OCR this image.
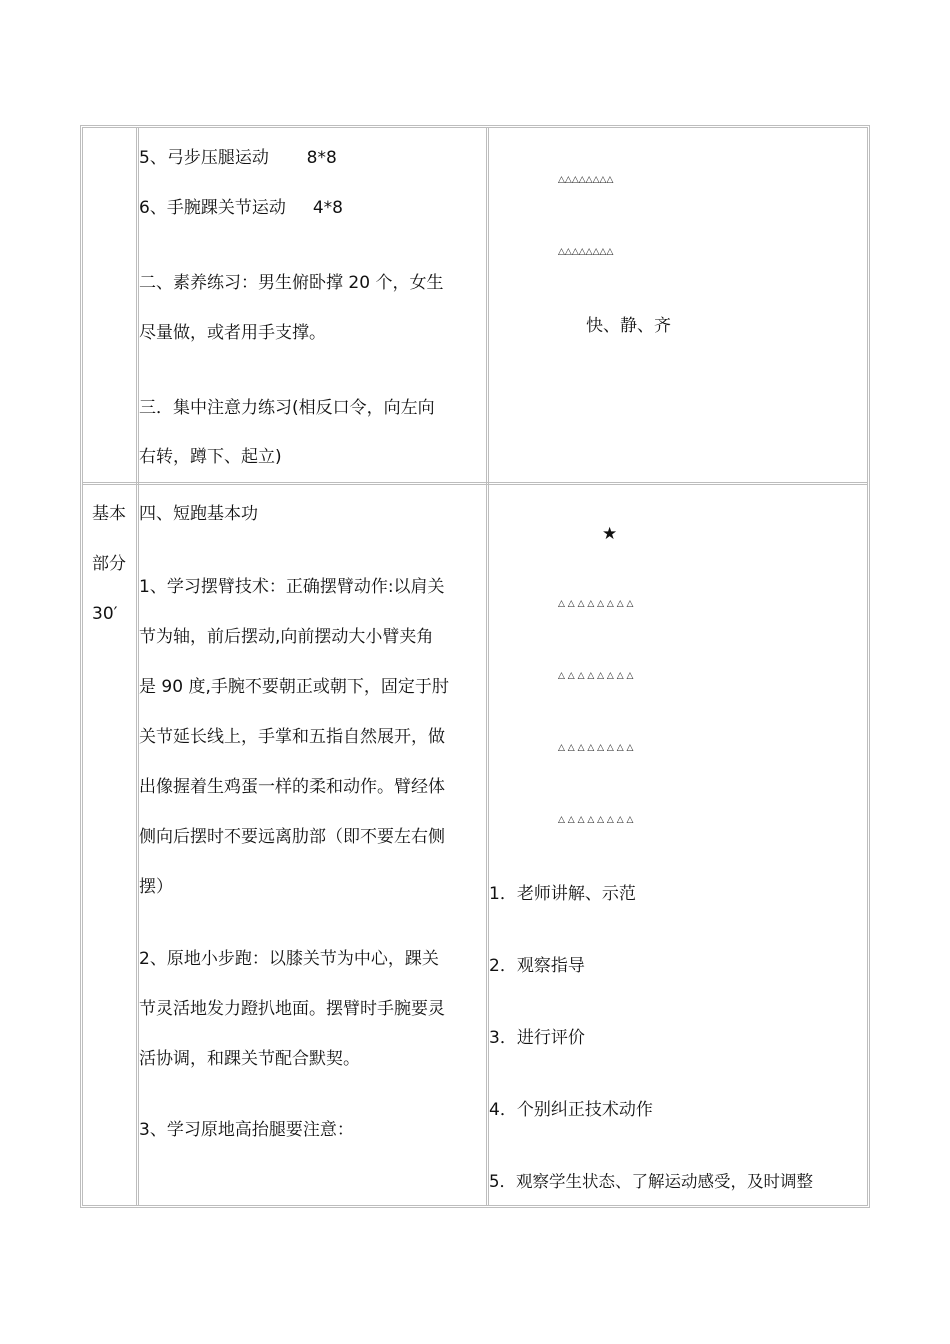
5、弓步压腿运动       8*8
6、手腕踝关节运动     4*8
二、素养练习：男生俯卧撑 20 个，女生
尽量做，或者用手支撑。
三．集中注意力练习(相反口令，向左向
右转，蹲下、起立)
△△△△△△△△
△△△△△△△△
快、静、齐
基本
部分
30′
四、短跑基本功
1、学习摆臂技术：正确摆臂动作:以肩关
节为轴，前后摆动,向前摆动大小臂夹角
是 90 度,手腕不要朝正或朝下，固定于肘
关节延长线上，手掌和五指自然展开，做
出像握着生鸡蛋一样的柔和动作。臂经体
侧向后摆时不要远离肋部（即不要左右侧
摆）
2、原地小步跑：以膝关节为中心，踝关
节灵活地发力蹬扒地面。摆臂时手腕要灵
活协调，和踝关节配合默契。
3、学习原地高抬腿要注意：
★
△ △ △ △ △ △ △ △
△ △ △ △ △ △ △ △
△ △ △ △ △ △ △ △
△ △ △ △ △ △ △ △
1．老师讲解、示范
2．观察指导
3．进行评价
4．个别纠正技术动作
5．观察学生状态、了解运动感受，及时调整
